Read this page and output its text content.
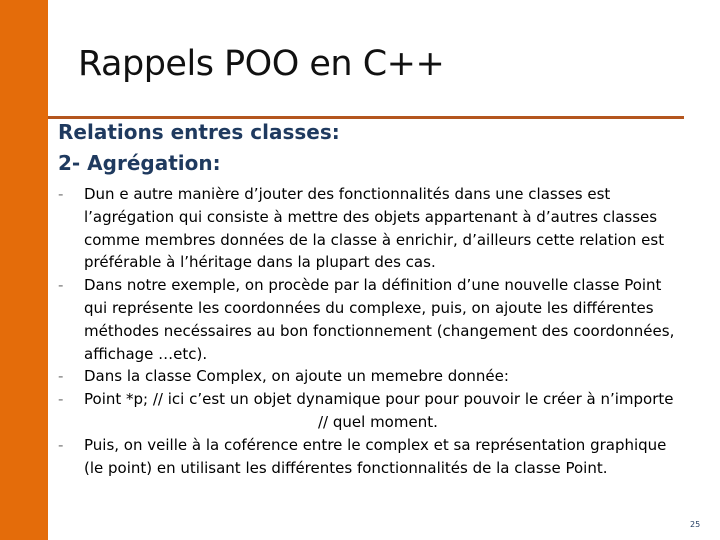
Rappels POO en C++
Relations entres classes:
2- Agrégation:
-	Dun e autre manière d’jouter des fonctionnalités dans une classes est
l’agrégation qui consiste à mettre des objets appartenant à d’autres classes
comme membres données de la classe à enrichir, d’ailleurs cette relation est
préférable à l’héritage dans la plupart des cas.
-	Dans notre exemple, on procède par la définition d’une nouvelle classe Point
qui représente les coordonnées du complexe, puis, on ajoute les différentes
méthodes necéssaires au bon fonctionnement (changement des coordonnées,
affichage …etc).
-	Dans la classe Complex, on ajoute un memebre donnée:
-	Point *p; // ici c’est un objet dynamique pour pour pouvoir le créer à n’importe
// quel moment.
-	Puis, on veille à la coférence entre le complex et sa représentation graphique
(le point) en utilisant les différentes fonctionnalités de la classe Point.
25
